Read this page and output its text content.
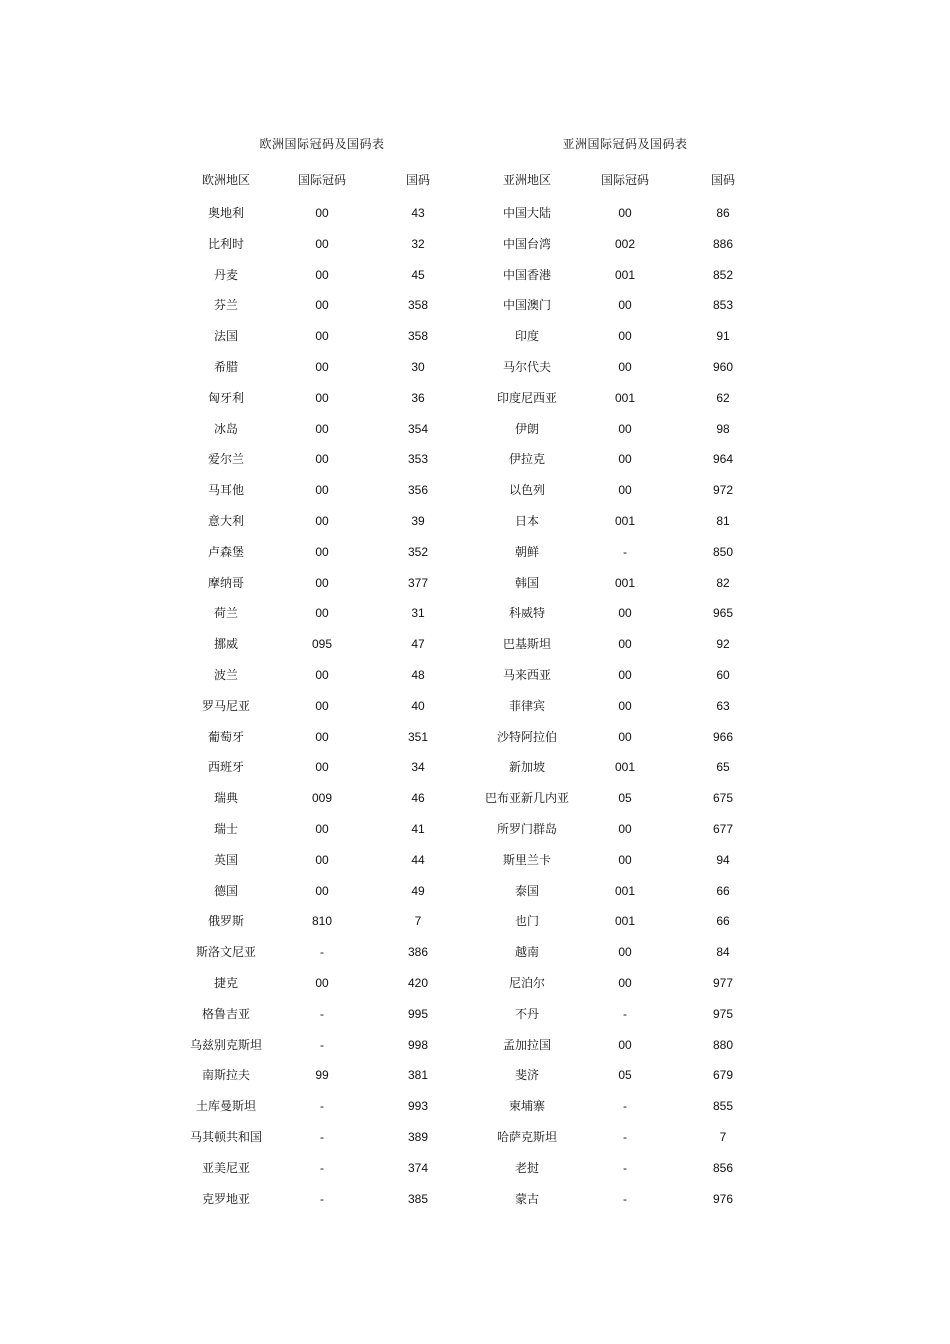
欧洲国际冠码及国码表
欧洲地区	国际冠码	国码
奥地利	00	43
比利时	00	32
丹麦	00	45
芬兰	00	358
法国	00	358
希腊	00	30
匈牙利	00	36
冰岛	00	354
爱尔兰	00	353
马耳他	00	356
意大利	00	39
卢森堡	00	352
摩纳哥	00	377
荷兰	00	31
挪威	095	47
波兰	00	48
罗马尼亚	00	40
葡萄牙	00	351
西班牙	00	34
瑞典	009	46
瑞士	00	41
英国	00	44
德国	00	49
俄罗斯	810	7
斯洛文尼亚	-	386
捷克	00	420
格鲁吉亚	-	995
乌兹别克斯坦	-	998
南斯拉夫	99	381
土库曼斯坦	-	993
马其顿共和国	-	389
亚美尼亚	-	374
克罗地亚	-	385
亚洲国际冠码及国码表
亚洲地区	国际冠码	国码
中国大陆	00	86
中国台湾	002	886
中国香港	001	852
中国澳门	00	853
印度	00	91
马尔代夫	00	960
印度尼西亚	001	62
伊朗	00	98
伊拉克	00	964
以色列	00	972
日本	001	81
朝鲜	-	850
韩国	001	82
科威特	00	965
巴基斯坦	00	92
马来西亚	00	60
菲律宾	00	63
沙特阿拉伯	00	966
新加坡	001	65
巴布亚新几内亚	05	675
所罗门群岛	00	677
斯里兰卡	00	94
泰国	001	66
也门	001	66
越南	00	84
尼泊尔	00	977
不丹	-	975
孟加拉国	00	880
斐济	05	679
柬埔寨	-	855
哈萨克斯坦	-	7
老挝	-	856
蒙古	-	976
